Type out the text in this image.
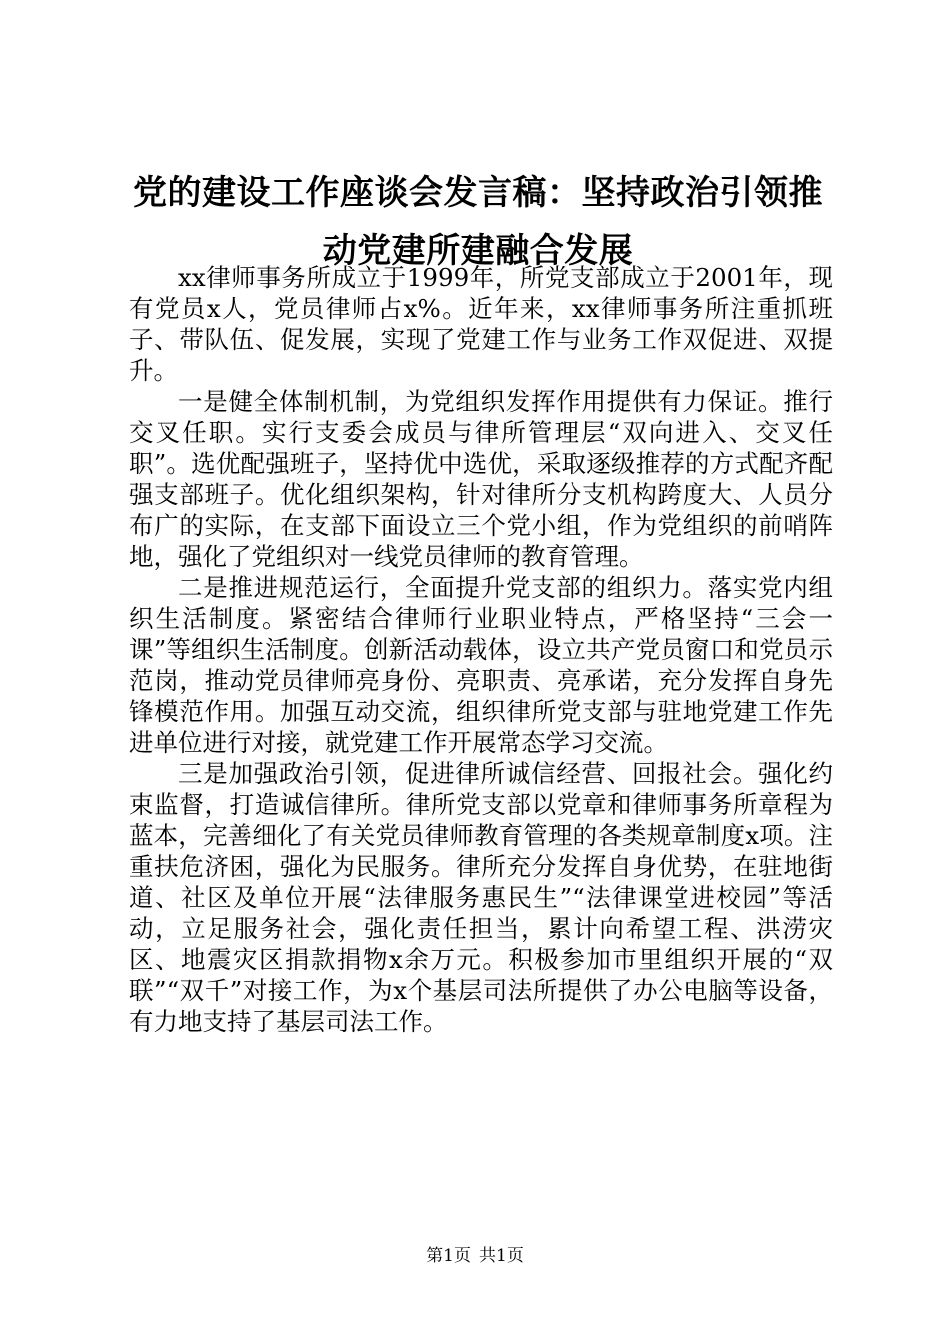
党的建设工作座谈会发言稿：坚持政治引领推
动党建所建融合发展

xx律师事务所成立于1999年，所党支部成立于2001年，现有党员x人，党员律师占x%。近年来，xx律师事务所注重抓班子、带队伍、促发展，实现了党建工作与业务工作双促进、双提升。

一是健全体制机制，为党组织发挥作用提供有力保证。推行交叉任职。实行支委会成员与律所管理层“双向进入、交叉任职”。选优配强班子，坚持优中选优，采取逐级推荐的方式配齐配强支部班子。优化组织架构，针对律所分支机构跨度大、人员分布广的实际，在支部下面设立三个党小组，作为党组织的前哨阵地，强化了党组织对一线党员律师的教育管理。

二是推进规范运行，全面提升党支部的组织力。落实党内组织生活制度。紧密结合律师行业职业特点，严格坚持“三会一课”等组织生活制度。创新活动载体，设立共产党员窗口和党员示范岗，推动党员律师亮身份、亮职责、亮承诺，充分发挥自身先锋模范作用。加强互动交流，组织律所党支部与驻地党建工作先进单位进行对接，就党建工作开展常态学习交流。

三是加强政治引领，促进律所诚信经营、回报社会。强化约束监督，打造诚信律所。律所党支部以党章和律师事务所章程为蓝本，完善细化了有关党员律师教育管理的各类规章制度x项。注重扶危济困，强化为民服务。律所充分发挥自身优势，在驻地街道、社区及单位开展“法律服务惠民生”“法律课堂进校园”等活动，立足服务社会，强化责任担当，累计向希望工程、洪涝灾区、地震灾区捐款捐物x余万元。积极参加市里组织开展的“双联”“双千”对接工作，为x个基层司法所提供了办公电脑等设备，有力地支持了基层司法工作。

第1页 共1页
